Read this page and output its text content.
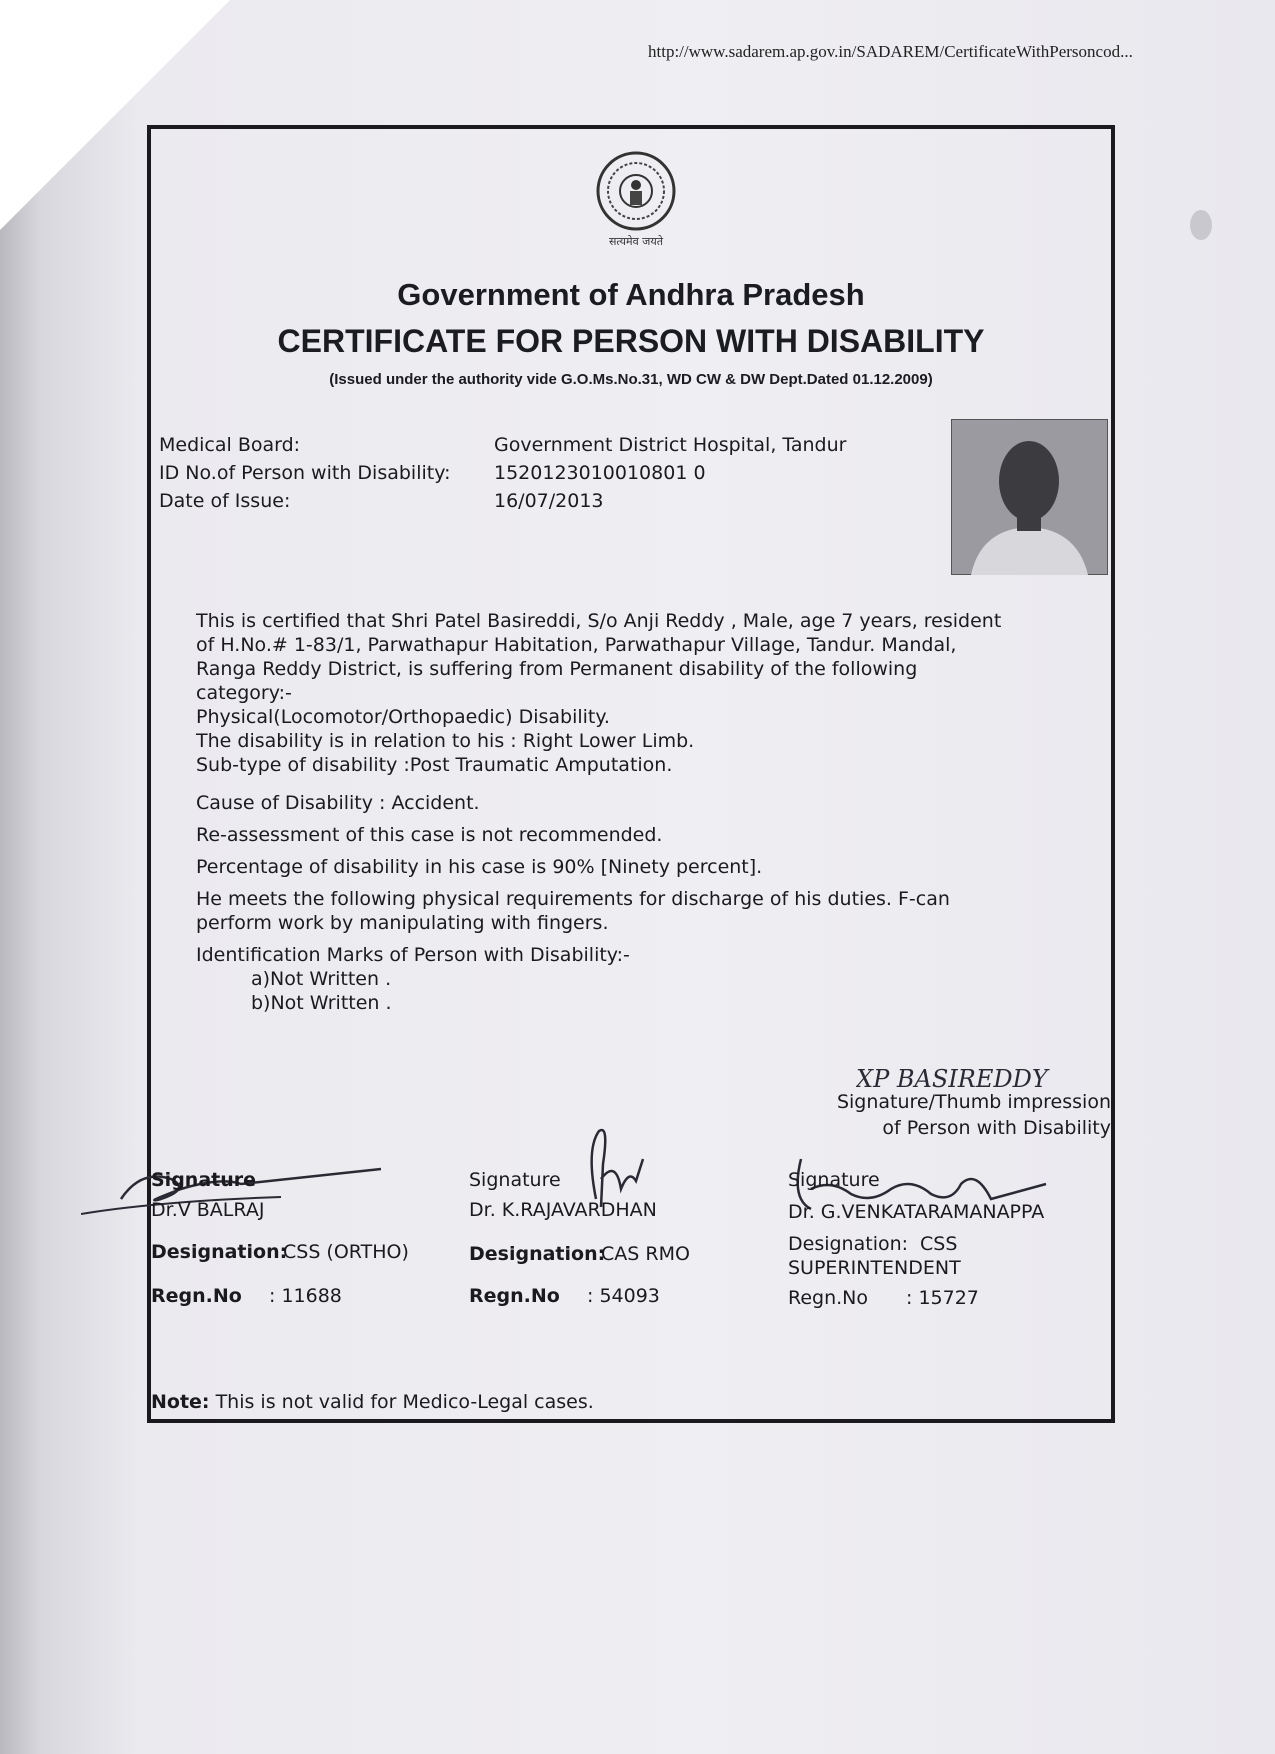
http://www.sadarem.ap.gov.in/SADAREM/CertificateWithPersoncod...
सत्यमेव जयते
Government of Andhra Pradesh
CERTIFICATE FOR PERSON WITH DISABILITY
(Issued under the authority vide G.O.Ms.No.31, WD CW & DW Dept.Dated 01.12.2009)
Medical Board:	Government District Hospital, Tandur
ID No.of Person with Disability: 1520123010010801 0
Date of Issue:	16/07/2013

This is certified that Shri Patel Basireddi, S/o Anji Reddy , Male, age 7 years, resident

of H.No.# 1-83/1, Parwathapur Habitation, Parwathapur Village, Tandur. Mandal,

Ranga Reddy District, is suffering from Permanent disability of the following

category:-

Physical(Locomotor/Orthopaedic) Disability.

The disability is in relation to his : Right Lower Limb.

Sub-type of disability :Post Traumatic Amputation.

Cause of Disability : Accident.

Re-assessment of this case is not recommended.

Percentage of disability in his case is 90% [Ninety percent].

He meets the following physical requirements for discharge of his duties. F-can

perform work by manipulating with fingers.

Identification Marks of Person with Disability:-

a)Not Written .

b)Not Written .

XP BASIREDDY
Signature/Thumb impression
of Person with Disability
Signature
Dr.V BALRAJ
Designation:
CSS (ORTHO)
Regn.No : 11688
Signature
Dr. K.RAJAVARDHAN
Designation:
CAS RMO
Regn.No : 54093
Signature
Dr. G.VENKATARAMANAPPA
Designation: CSS
SUPERINTENDENT
Regn.No : 15727
Note: This is not valid for Medico-Legal cases.
